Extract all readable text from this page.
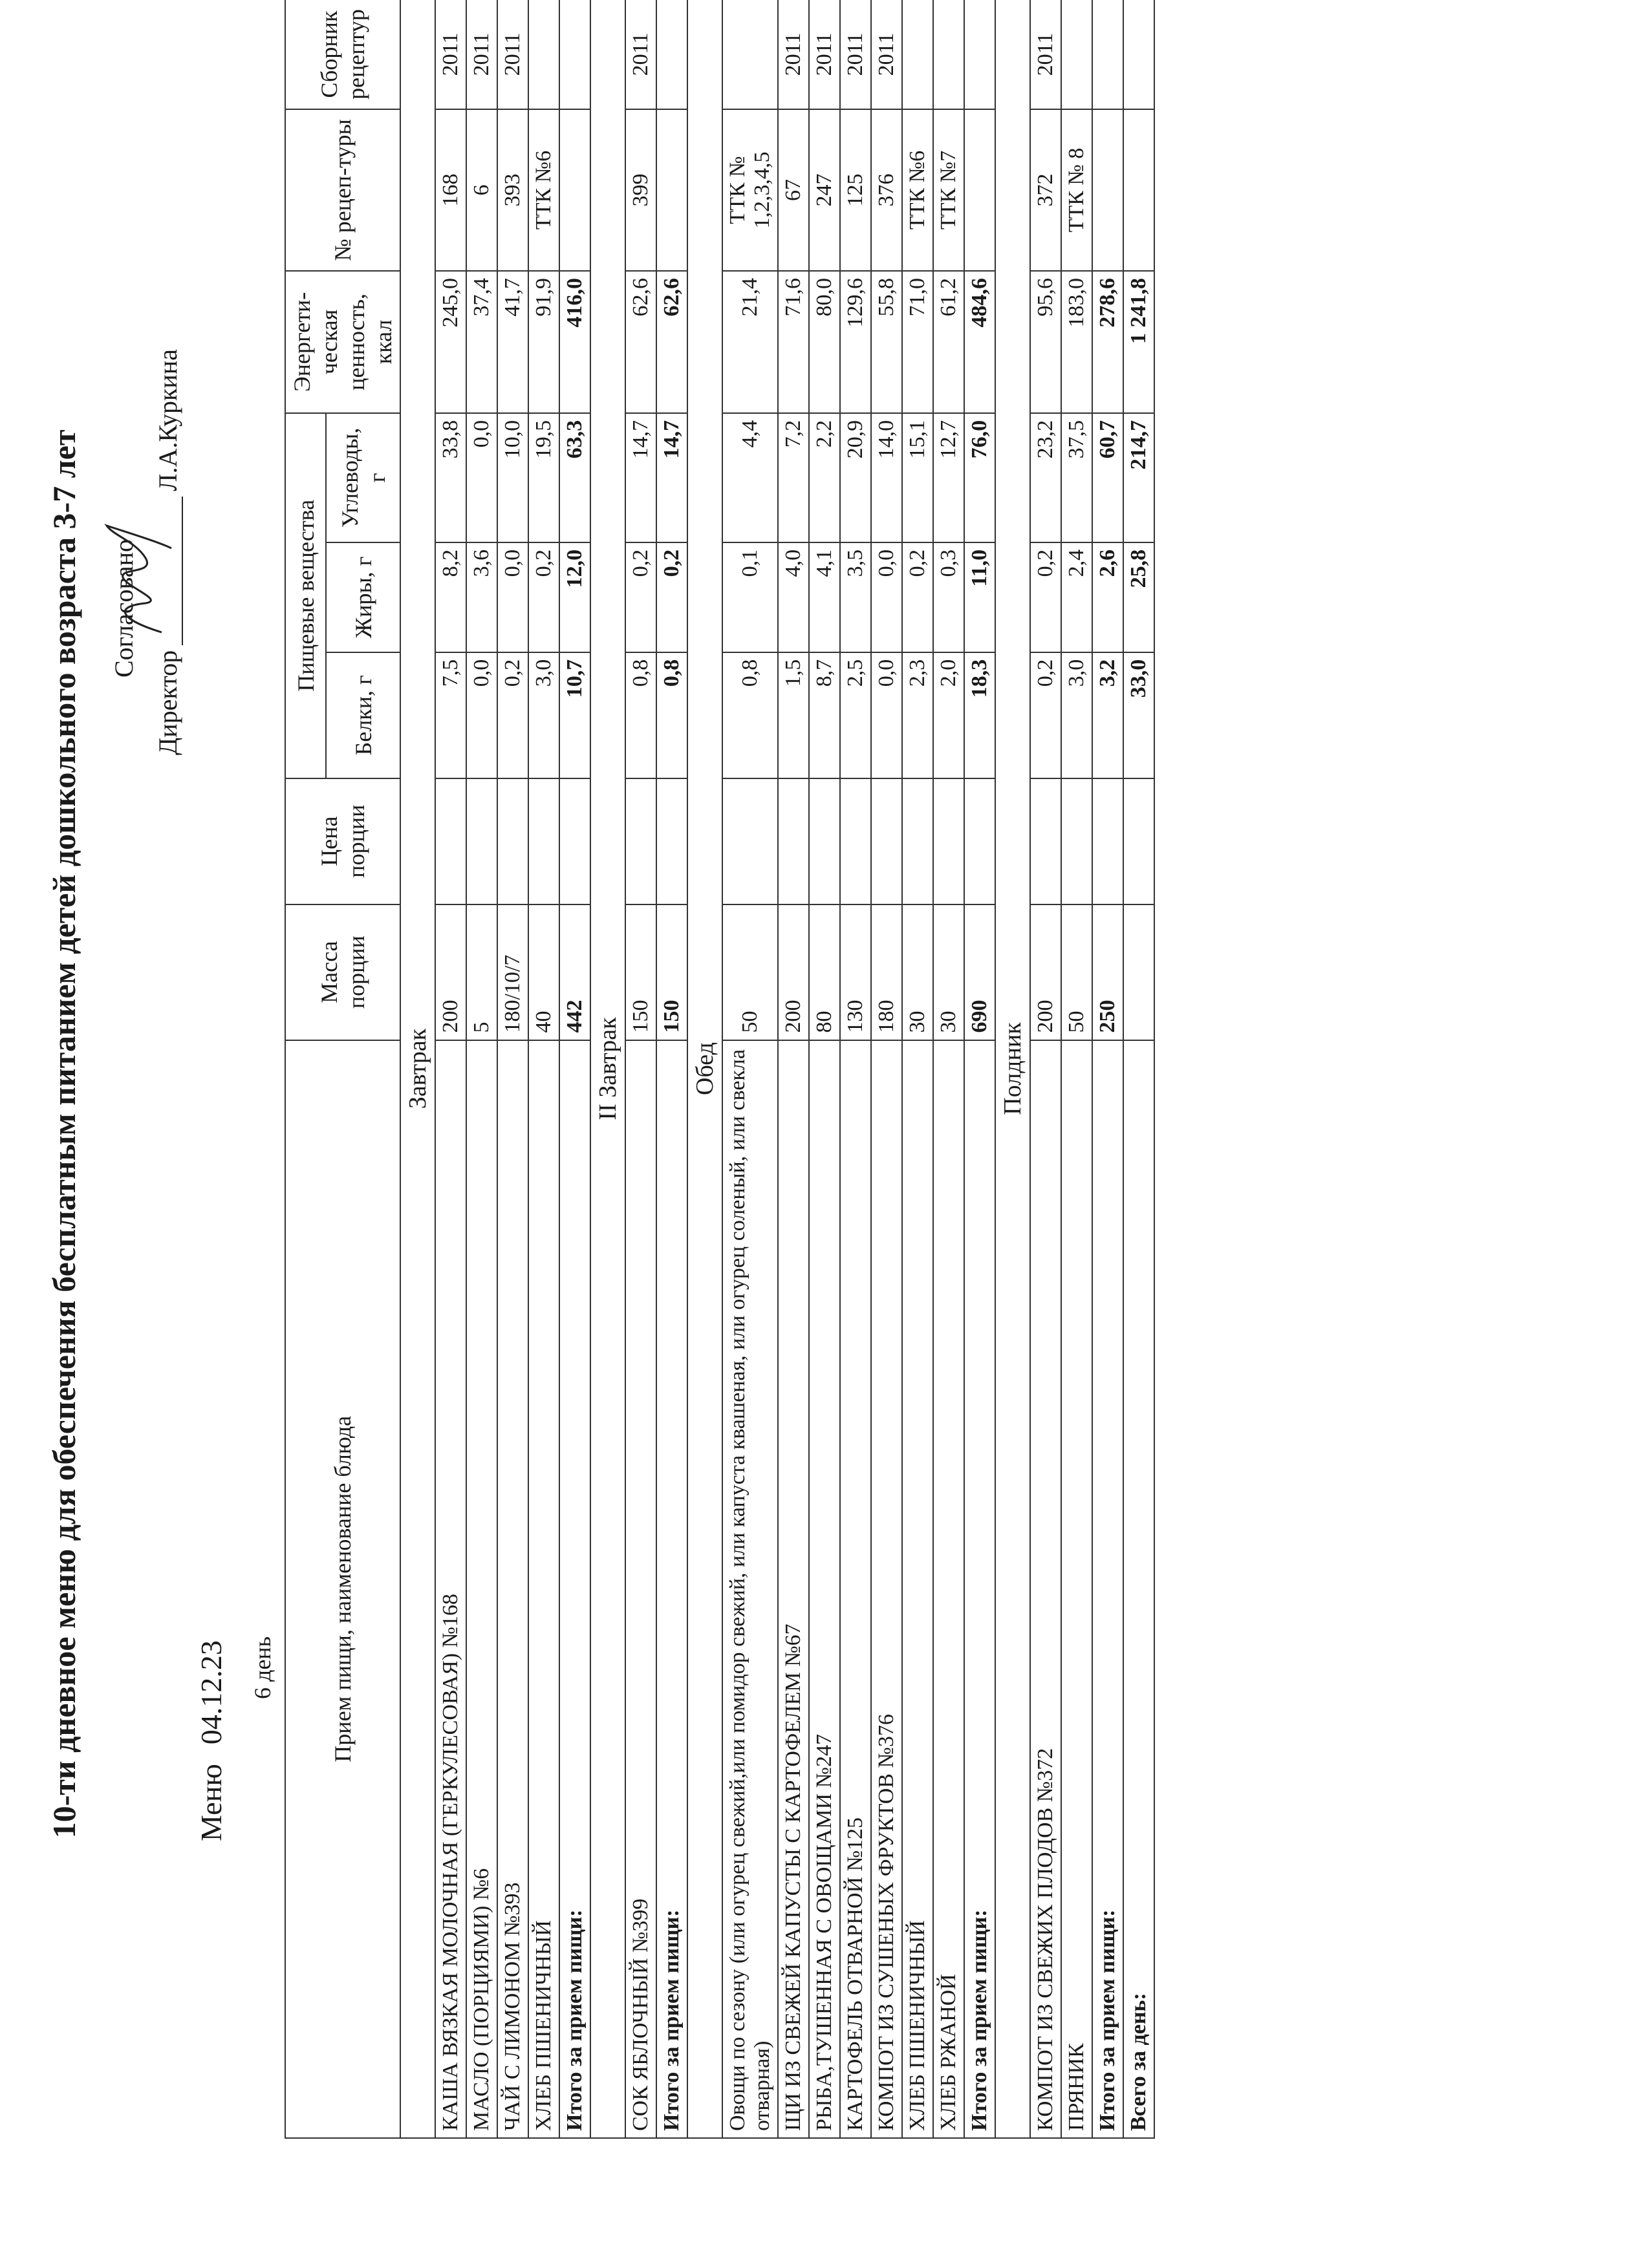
10-ти дневное меню для обеспечения бесплатным питанием детей дошкольного возраста 3-7 лет Согласовано
Директор
Л.А.Куркина
Меню04.12.23 6 день Прием пищи, наименование блюда	Масса порции	Цена порции	Пищевые вещества			Энергети-ческая ценность, ккал	№ рецеп-туры	Сборник рецептур
			Белки, г	Жиры, г	Углеводы, г			
Завтрак								
КАША ВЯЗКАЯ МОЛОЧНАЯ (ГЕРКУЛЕСОВАЯ) №168	200		7,5	8,2	33,8	245,0	168	2011
МАСЛО (ПОРЦИЯМИ) №6	5		0,0	3,6	0,0	37,4	6	2011
ЧАЙ С ЛИМОНОМ №393	180/10/7		0,2	0,0	10,0	41,7	393	2011
ХЛЕБ ПШЕНИЧНЫЙ	40		3,0	0,2	19,5	91,9	ТТК №6	
Итого за прием пищи:	442		10,7	12,0	63,3	416,0		
II Завтрак								
СОК ЯБЛОЧНЫЙ №399	150		0,8	0,2	14,7	62,6	399	2011
Итого за прием пищи:	150		0,8	0,2	14,7	62,6		
Обед								
Овощи по сезону (или огурец свежий,или помидор свежий, или капуста квашеная, или огурец соленый, или свекла отварная)	50		0,8	0,1	4,4	21,4	ТТК № 1,2,3,4,5	
ЩИ ИЗ СВЕЖЕЙ КАПУСТЫ С КАРТОФЕЛЕМ №67	200		1,5	4,0	7,2	71,6	67	2011
РЫБА,ТУШЕННАЯ С ОВОЩАМИ №247	80		8,7	4,1	2,2	80,0	247	2011
КАРТОФЕЛЬ ОТВАРНОЙ №125	130		2,5	3,5	20,9	129,6	125	2011
КОМПОТ ИЗ СУШЕНЫХ ФРУКТОВ №376	180		0,0	0,0	14,0	55,8	376	2011
ХЛЕБ ПШЕНИЧНЫЙ	30		2,3	0,2	15,1	71,0	ТТК №6	
ХЛЕБ РЖАНОЙ	30		2,0	0,3	12,7	61,2	ТТК №7	
Итого за прием пищи:	690		18,3	11,0	76,0	484,6		
Полдник								
КОМПОТ ИЗ СВЕЖИХ ПЛОДОВ №372	200		0,2	0,2	23,2	95,6	372	2011
ПРЯНИК	50		3,0	2,4	37,5	183,0	ТТК № 8	
Итого за прием пищи:	250		3,2	2,6	60,7	278,6		
Всего за день:			33,0	25,8	214,7	1 241,8		
